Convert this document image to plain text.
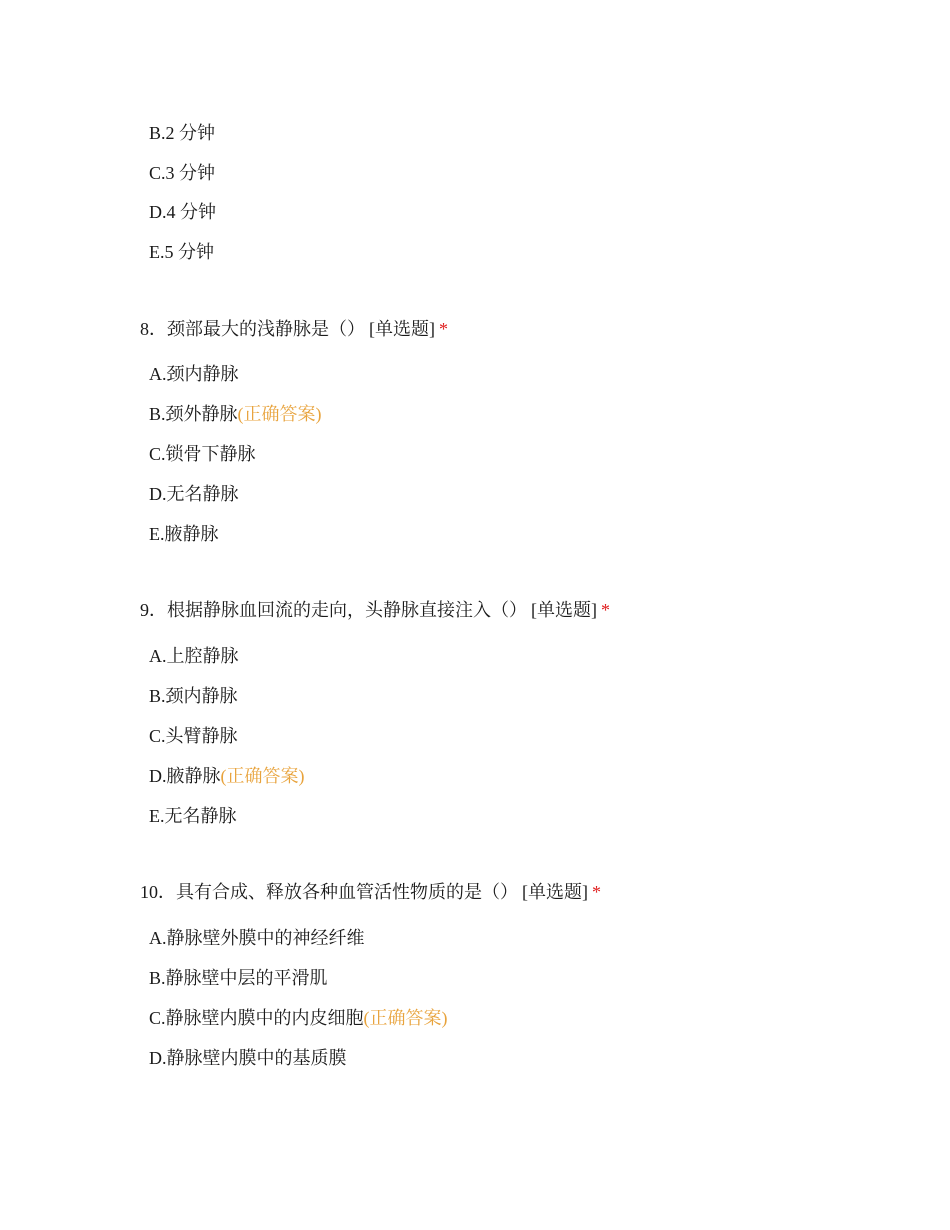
B.2 分钟
C.3 分钟
D.4 分钟
E.5 分钟
8．颈部最大的浅静脉是（） [单选题] *
A.颈内静脉
B.颈外静脉(正确答案)
C.锁骨下静脉
D.无名静脉
E.腋静脉
9．根据静脉血回流的走向，头静脉直接注入（） [单选题] *
A.上腔静脉
B.颈内静脉
C.头臂静脉
D.腋静脉(正确答案)
E.无名静脉
10．具有合成、释放各种血管活性物质的是（） [单选题] *
A.静脉壁外膜中的神经纤维
B.静脉壁中层的平滑肌
C.静脉壁内膜中的内皮细胞(正确答案)
D.静脉壁内膜中的基质膜
